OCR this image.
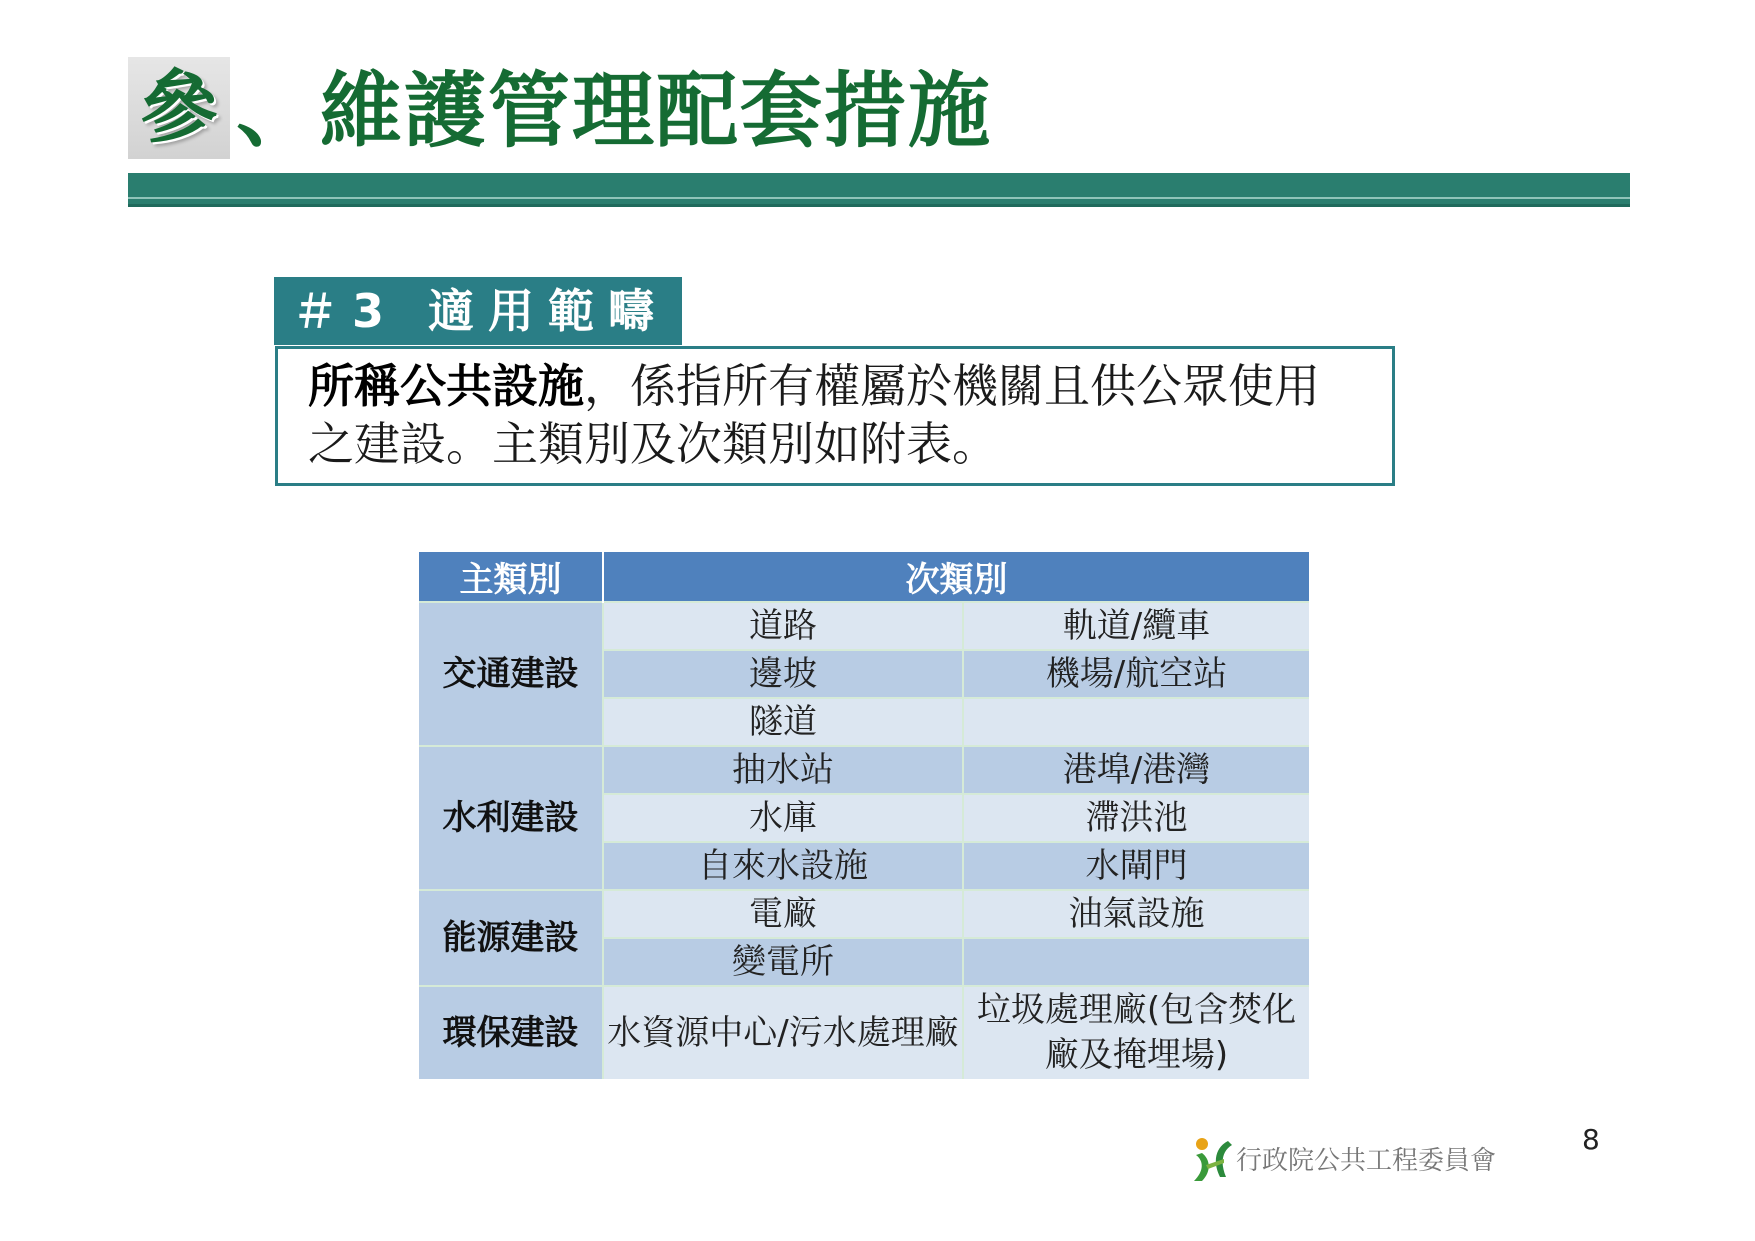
參 、維護管理配套措施
＃3 適用範疇
所稱公共設施，係指所有權屬於機關且供公眾使用之建設。主類別及次類別如附表。
主類別	次類別	
交通建設	道路	軌道/纜車
	邊坡	機場/航空站
	隧道	
水利建設	抽水站	港埠/港灣
	水庫	滯洪池
	自來水設施	水閘門
能源建設	電廠	油氣設施
	變電所	
環保建設	水資源中心/污水處理廠	垃圾處理廠(包含焚化廠及掩埋場)
行政院公共工程委員會
8
